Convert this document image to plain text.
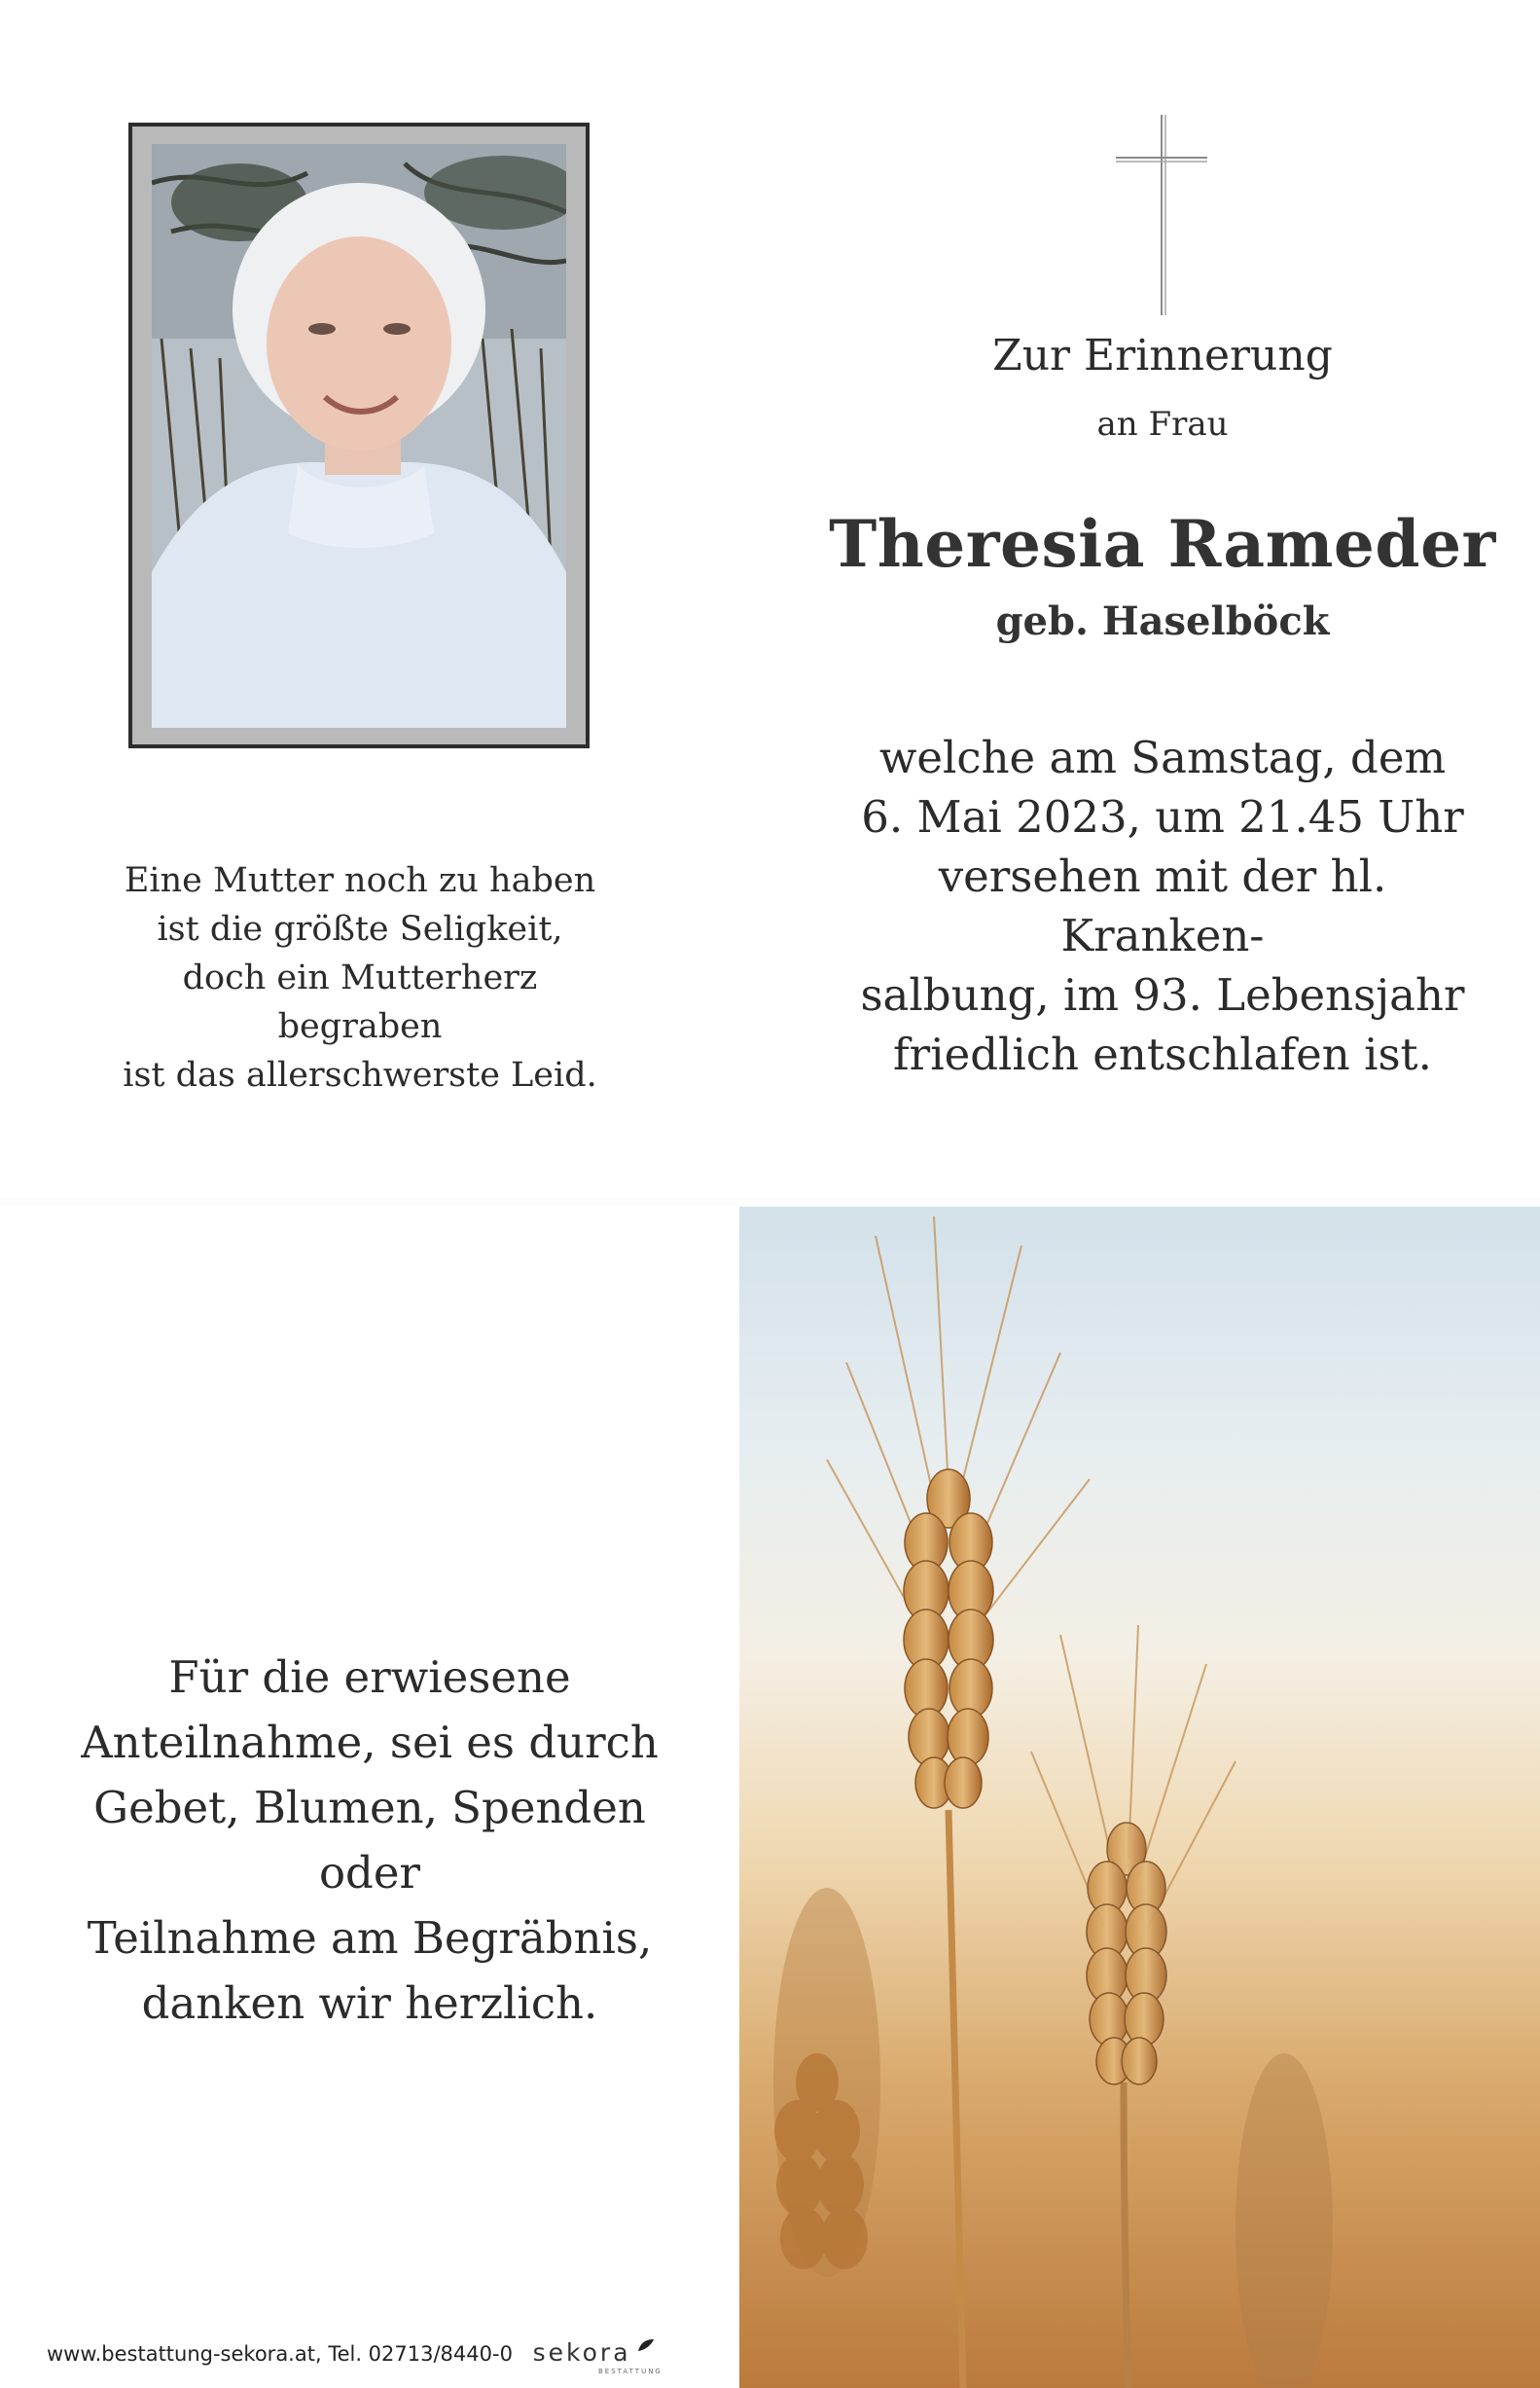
Zur Erinnerung
an Frau
Theresia Rameder
geb. Haselböck
welche am Samstag, dem
6. Mai 2023, um 21.45 Uhr
versehen mit der hl. Kranken-
salbung, im 93. Lebensjahr
friedlich entschlafen ist.
Eine Mutter noch zu haben
ist die größte Seligkeit,
doch ein Mutterherz begraben
ist das allerschwerste Leid.
Für die erwiesene
Anteilnahme, sei es durch
Gebet, Blumen, Spenden oder
Teilnahme am Begräbnis,
danken wir herzlich.
www.bestattung-sekora.at, Tel. 02713/8440-0 sekora
BESTATTUNG
